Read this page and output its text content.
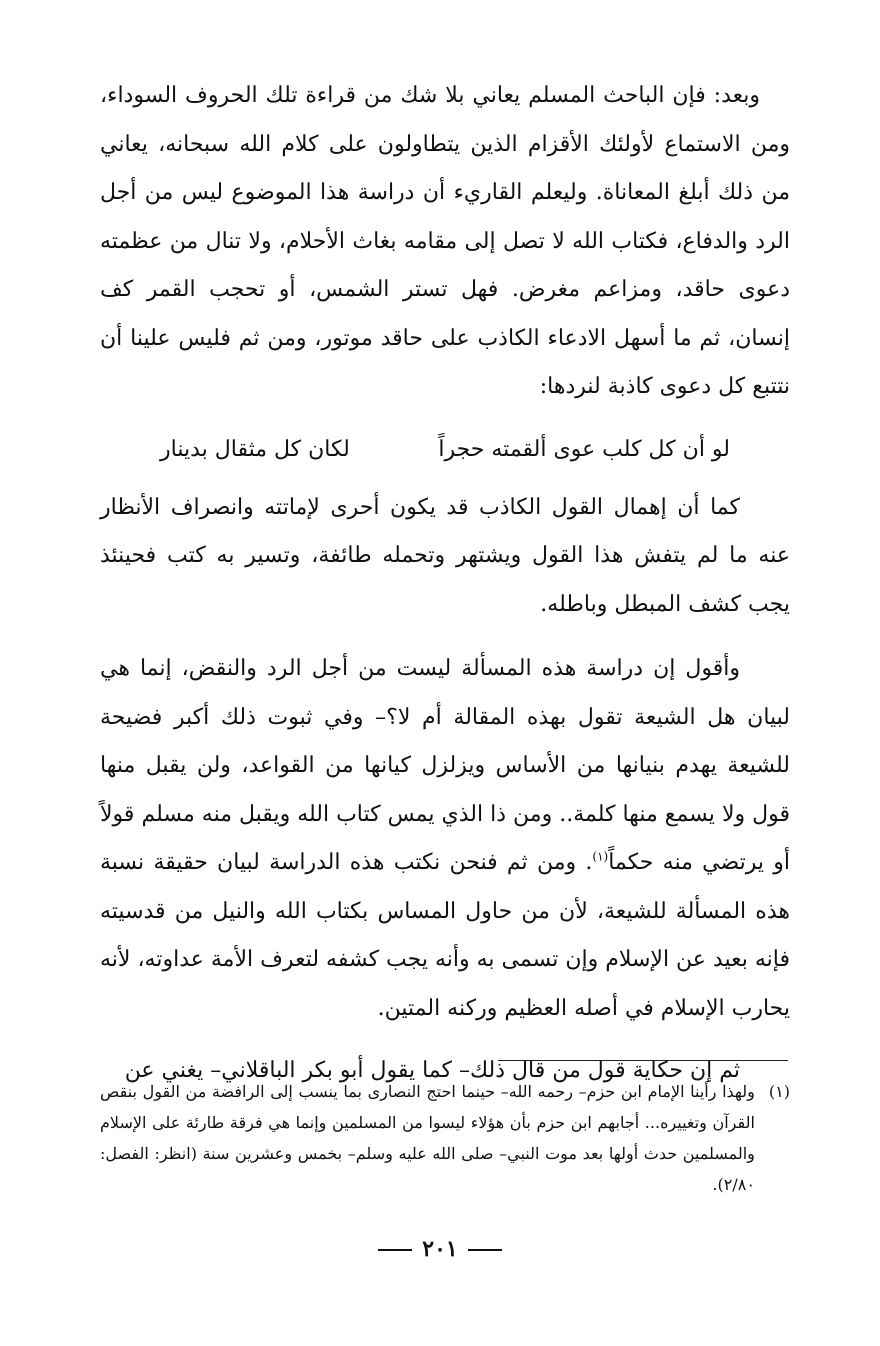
وبعد: فإن الباحث المسلم يعاني بلا شك من قراءة تلك الحروف السوداء، ومن الاستماع لأولئك الأقزام الذين يتطاولون على كلام الله سبحانه، يعاني من ذلك أبلغ المعاناة. وليعلم القاريء أن دراسة هذا الموضوع ليس من أجل الرد والدفاع، فكتاب الله لا تصل إلى مقامه بغاث الأحلام، ولا تنال من عظمته دعوى حاقد، ومزاعم مغرض. فهل تستر الشمس، أو تحجب القمر كف إنسان، ثم ما أسهل الادعاء الكاذب على حاقد موتور، ومن ثم فليس علينا أن نتتبع كل دعوى كاذبة لنردها:

لو أن كل كلب عوى ألقمته حجراً
لكان كل مثقال بدينار

كما أن إهمال القول الكاذب قد يكون أحرى لإماتته وانصراف الأنظار عنه ما لم يتفش هذا القول ويشتهر وتحمله طائفة، وتسير به كتب فحينئذ يجب كشف المبطل وباطله.

وأقول إن دراسة هذه المسألة ليست من أجل الرد والنقض، إنما هي لبيان هل الشيعة تقول بهذه المقالة أم لا؟– وفي ثبوت ذلك أكبر فضيحة للشيعة يهدم بنيانها من الأساس ويزلزل كيانها من القواعد، ولن يقبل منها قول ولا يسمع منها كلمة.. ومن ذا الذي يمس كتاب الله ويقبل منه مسلم قولاً أو يرتضي منه حكماً$^{(١)}$. ومن ثم فنحن نكتب هذه الدراسة لبيان حقيقة نسبة هذه المسألة للشيعة، لأن من حاول المساس بكتاب الله والنيل من قدسيته فإنه بعيد عن الإسلام وإن تسمى به وأنه يجب كشفه لتعرف الأمة عداوته، لأنه يحارب الإسلام في أصله العظيم وركنه المتين.

ثم إن حكاية قول من قال ذلك– كما يقول أبو بكر الباقلاني– يغني عن

(١)
ولهذا رأينا الإمام ابن حزم– رحمه الله– حينما احتج النصارى بما ينسب إلى الرافضة من القول بنقص القرآن وتغييره... أجابهم ابن حزم بأن هؤلاء ليسوا من المسلمين وإنما هي فرقة طارئة على الإسلام والمسلمين حدث أولها بعد موت النبي– صلى الله عليه وسلم– بخمس وعشرين سنة (انظر: الفصل: ٢/٨٠).
٢٠١
